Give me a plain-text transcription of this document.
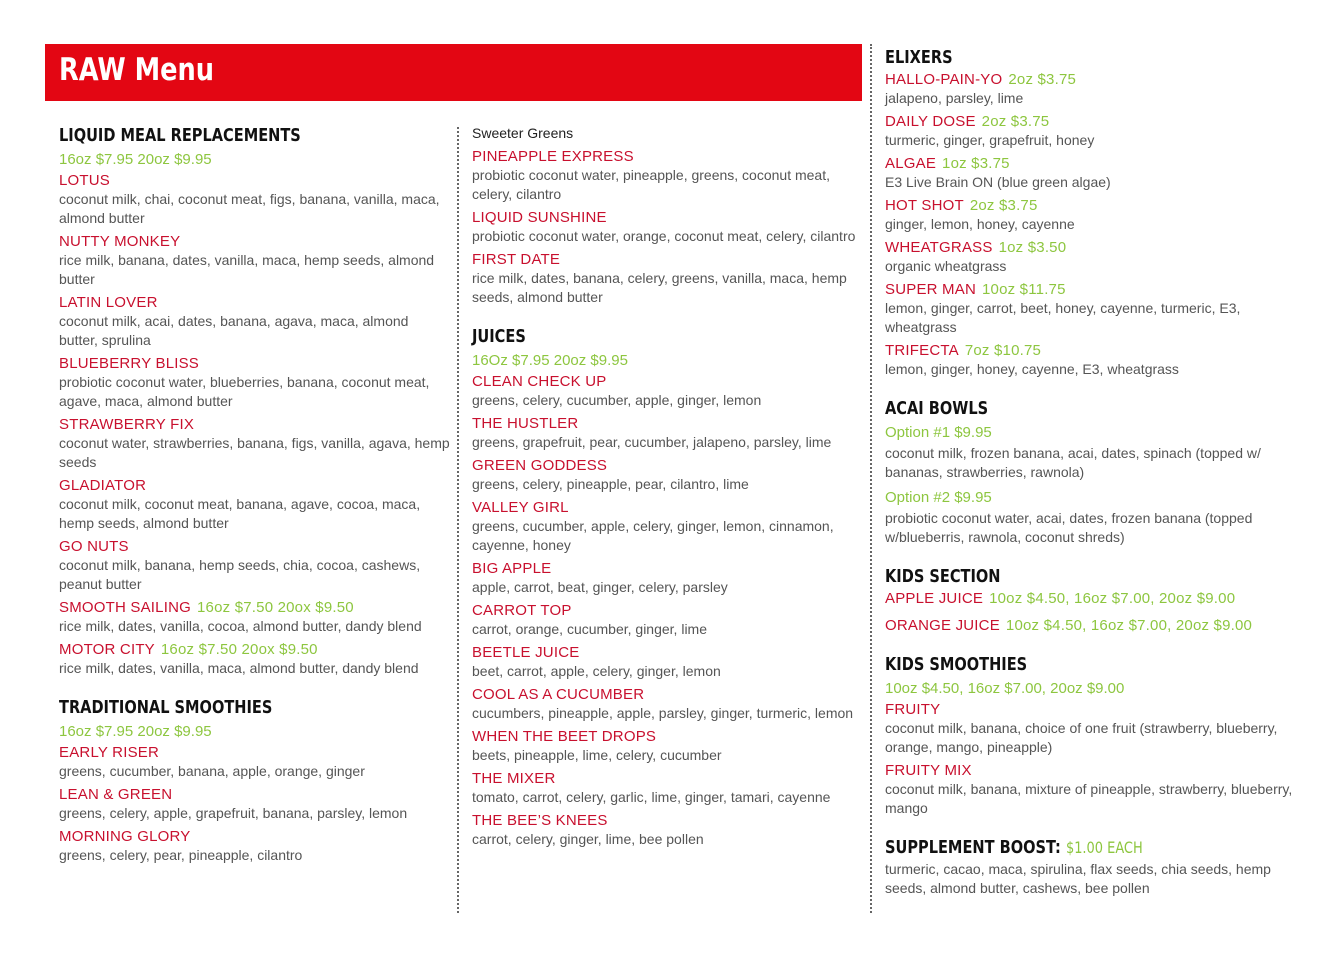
RAW Menu
LIQUID MEAL REPLACEMENTS
16oz $7.95 20oz $9.95
LOTUS
coconut milk, chai, coconut meat, figs, banana, vanilla, maca, almond butter
NUTTY MONKEY
rice milk, banana, dates, vanilla, maca, hemp seeds, almond butter
LATIN LOVER
coconut milk, acai, dates, banana, agava, maca, almond butter, sprulina
BLUEBERRY BLISS
probiotic coconut water, blueberries, banana, coconut meat, agave, maca, almond butter
STRAWBERRY FIX
coconut water, strawberries, banana, figs, vanilla, agava, hemp seeds
GLADIATOR
coconut milk, coconut meat, banana, agave, cocoa, maca, hemp seeds, almond butter
GO NUTS
coconut milk, banana, hemp seeds, chia, cocoa, cashews, peanut butter
SMOOTH SAILING 16oz $7.50 20ox $9.50
rice milk, dates, vanilla, cocoa, almond butter, dandy blend
MOTOR CITY 16oz $7.50 20ox $9.50
rice milk, dates, vanilla, maca, almond butter, dandy blend
TRADITIONAL SMOOTHIES
16oz $7.95 20oz $9.95
EARLY RISER
greens, cucumber, banana, apple, orange, ginger
LEAN & GREEN
greens, celery, apple, grapefruit, banana, parsley, lemon
MORNING GLORY
greens, celery, pear, pineapple, cilantro
Sweeter Greens
PINEAPPLE EXPRESS
probiotic coconut water, pineapple, greens, coconut meat, celery, cilantro
LIQUID SUNSHINE
probiotic coconut water, orange, coconut meat, celery, cilantro
FIRST DATE
rice milk, dates, banana, celery, greens, vanilla, maca, hemp seeds, almond butter
JUICES
16Oz $7.95 20oz $9.95
CLEAN CHECK UP
greens, celery, cucumber, apple, ginger, lemon
THE HUSTLER
greens, grapefruit, pear, cucumber, jalapeno, parsley, lime
GREEN GODDESS
greens, celery, pineapple, pear, cilantro, lime
VALLEY GIRL
greens, cucumber, apple, celery, ginger, lemon, cinnamon, cayenne, honey
BIG APPLE
apple, carrot, beat, ginger, celery, parsley
CARROT TOP
carrot, orange, cucumber, ginger, lime
BEETLE JUICE
beet, carrot, apple, celery, ginger, lemon
COOL AS A CUCUMBER
cucumbers, pineapple, apple, parsley, ginger, turmeric, lemon
WHEN THE BEET DROPS
beets, pineapple, lime, celery, cucumber
THE MIXER
tomato, carrot, celery, garlic, lime, ginger, tamari, cayenne
THE BEE’S KNEES
carrot, celery, ginger, lime, bee pollen
ELIXERS
HALLO-PAIN-YO 2oz $3.75
jalapeno, parsley, lime
DAILY DOSE 2oz $3.75
turmeric, ginger, grapefruit, honey
ALGAE 1oz $3.75
E3 Live Brain ON (blue green algae)
HOT SHOT 2oz $3.75
ginger, lemon, honey, cayenne
WHEATGRASS 1oz $3.50
organic wheatgrass
SUPER MAN 10oz $11.75
lemon, ginger, carrot, beet, honey, cayenne, turmeric, E3, wheatgrass
TRIFECTA 7oz $10.75
lemon, ginger, honey, cayenne, E3, wheatgrass
ACAI BOWLS
Option #1 $9.95
coconut milk, frozen banana, acai, dates, spinach (topped w/ bananas, strawberries, rawnola)
Option #2 $9.95
probiotic coconut water, acai, dates, frozen banana (topped w/blueberris, rawnola, coconut shreds)
KIDS SECTION
APPLE JUICE 10oz $4.50, 16oz $7.00, 20oz $9.00
ORANGE JUICE 10oz $4.50, 16oz $7.00, 20oz $9.00
KIDS SMOOTHIES
10oz $4.50, 16oz $7.00, 20oz $9.00
FRUITY
coconut milk, banana, choice of one fruit (strawberry, blueberry, orange, mango, pineapple)
FRUITY MIX
coconut milk, banana, mixture of pineapple, strawberry, blueberry, mango
SUPPLEMENT BOOST: $1.00 EACH
turmeric, cacao, maca, spirulina, flax seeds, chia seeds, hemp seeds, almond butter, cashews, bee pollen
